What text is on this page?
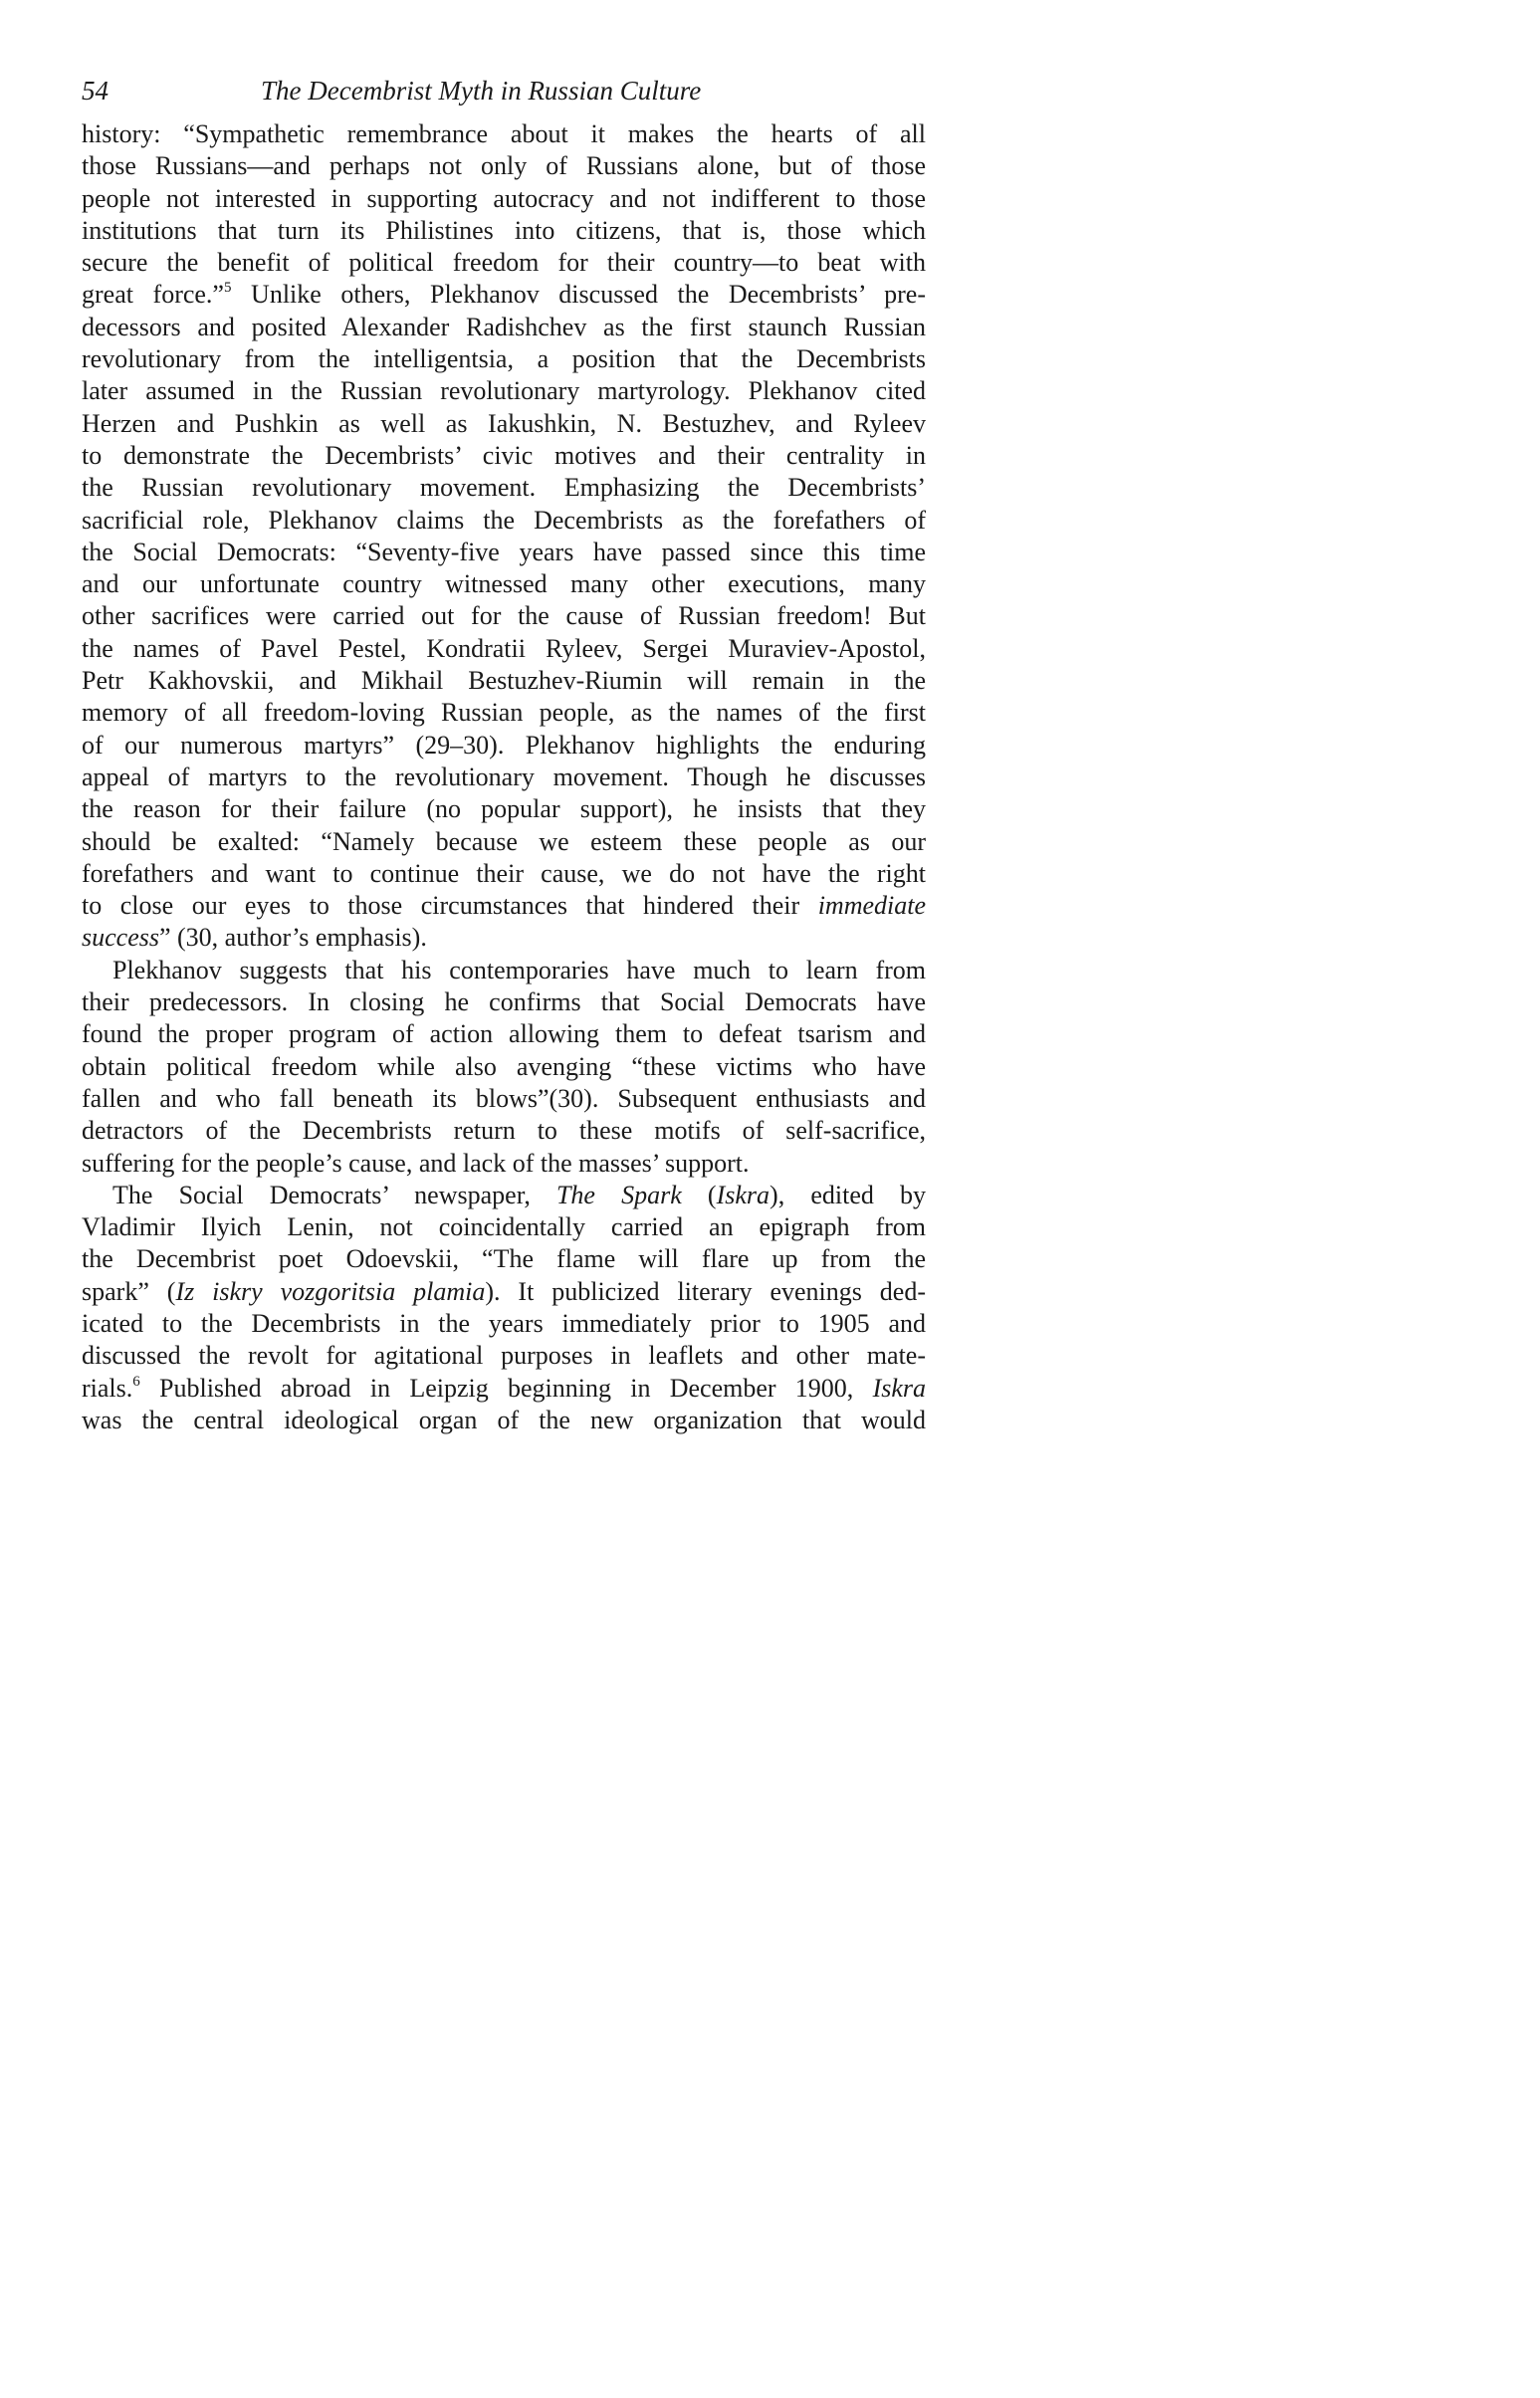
54	The Decembrist Myth in Russian Culture
history: “Sympathetic remembrance about it makes the hearts of all
those Russians—and perhaps not only of Russians alone, but of those
people not interested in supporting autocracy and not indifferent to those
institutions that turn its Philistines into citizens, that is, those which
secure the benefit of political freedom for their country—to beat with
great force.”$^5$ Unlike others, Plekhanov discussed the Decembrists’ pre-
decessors and posited Alexander Radishchev as the first staunch Russian
revolutionary from the intelligentsia, a position that the Decembrists
later assumed in the Russian revolutionary martyrology. Plekhanov cited
Herzen and Pushkin as well as Iakushkin, N. Bestuzhev, and Ryleev
to demonstrate the Decembrists’ civic motives and their centrality in
the Russian revolutionary movement. Emphasizing the Decembrists’
sacrificial role, Plekhanov claims the Decembrists as the forefathers of
the Social Democrats: “Seventy-five years have passed since this time
and our unfortunate country witnessed many other executions, many
other sacrifices were carried out for the cause of Russian freedom! But
the names of Pavel Pestel, Kondratii Ryleev, Sergei Muraviev-Apostol,
Petr Kakhovskii, and Mikhail Bestuzhev-Riumin will remain in the
memory of all freedom-loving Russian people, as the names of the first
of our numerous martyrs” (29–30). Plekhanov highlights the enduring
appeal of martyrs to the revolutionary movement. Though he discusses
the reason for their failure (no popular support), he insists that they
should be exalted: “Namely because we esteem these people as our
forefathers and want to continue their cause, we do not have the right
to close our eyes to those circumstances that hindered their immediate
success” (30, author’s emphasis).
Plekhanov suggests that his contemporaries have much to learn from
their predecessors. In closing he confirms that Social Democrats have
found the proper program of action allowing them to defeat tsarism and
obtain political freedom while also avenging “these victims who have
fallen and who fall beneath its blows”(30). Subsequent enthusiasts and
detractors of the Decembrists return to these motifs of self-sacrifice,
suffering for the people’s cause, and lack of the masses’ support.
The Social Democrats’ newspaper, The Spark (Iskra), edited by
Vladimir Ilyich Lenin, not coincidentally carried an epigraph from
the Decembrist poet Odoevskii, “The flame will flare up from the
spark” (Iz iskry vozgoritsia plamia). It publicized literary evenings ded-
icated to the Decembrists in the years immediately prior to 1905 and
discussed the revolt for agitational purposes in leaflets and other mate-
rials.$^6$ Published abroad in Leipzig beginning in December 1900, Iskra
was the central ideological organ of the new organization that would
